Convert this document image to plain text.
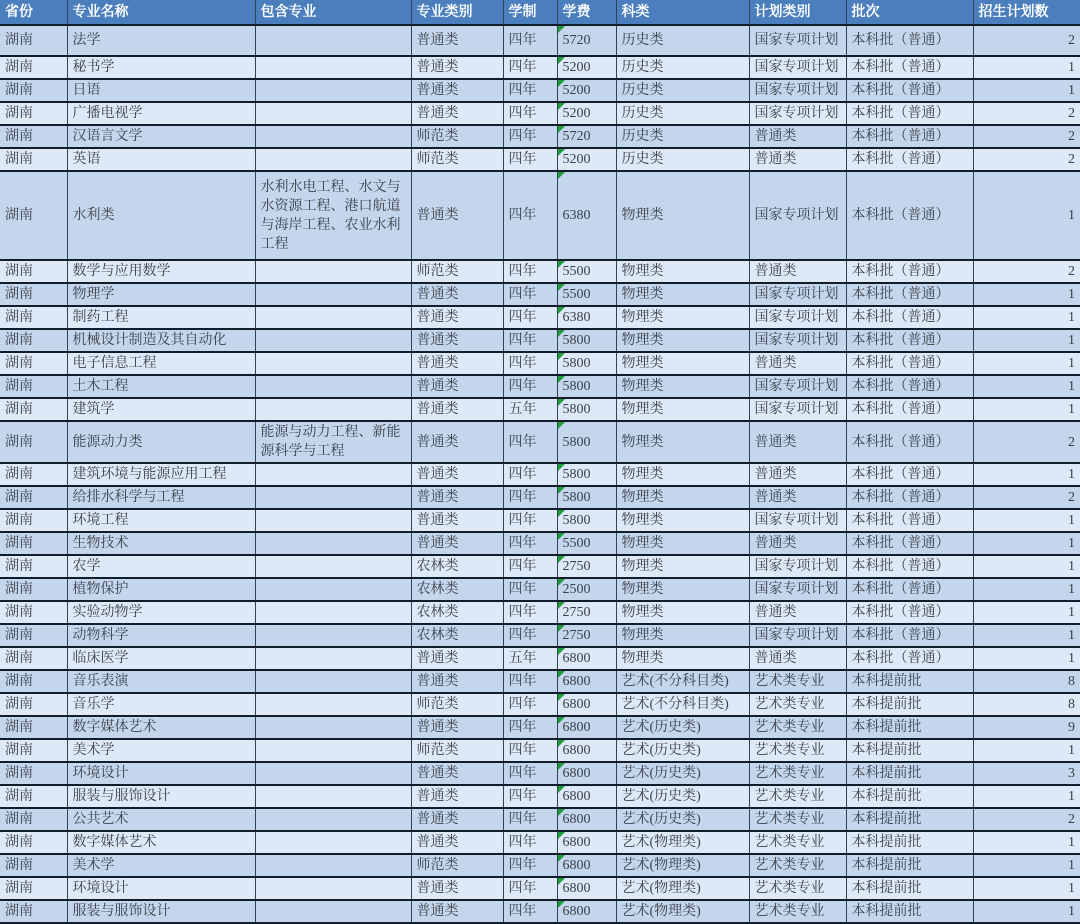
省份	专业名称	包含专业	专业类别	学制	学费	科类	计划类别	批次	招生计划数
湖南	法学		普通类	四年	5720	历史类	国家专项计划	本科批（普通）	2
湖南	秘书学		普通类	四年	5200	历史类	国家专项计划	本科批（普通）	1
湖南	日语		普通类	四年	5200	历史类	国家专项计划	本科批（普通）	1
湖南	广播电视学		普通类	四年	5200	历史类	国家专项计划	本科批（普通）	2
湖南	汉语言文学		师范类	四年	5720	历史类	普通类	本科批（普通）	2
湖南	英语		师范类	四年	5200	历史类	普通类	本科批（普通）	2
湖南	水利类	水利水电工程、水文与水资源工程、港口航道与海岸工程、农业水利工程	普通类	四年	6380	物理类	国家专项计划	本科批（普通）	1
湖南	数学与应用数学		师范类	四年	5500	物理类	普通类	本科批（普通）	2
湖南	物理学		普通类	四年	5500	物理类	国家专项计划	本科批（普通）	1
湖南	制药工程		普通类	四年	6380	物理类	国家专项计划	本科批（普通）	1
湖南	机械设计制造及其自动化		普通类	四年	5800	物理类	国家专项计划	本科批（普通）	1
湖南	电子信息工程		普通类	四年	5800	物理类	普通类	本科批（普通）	1
湖南	土木工程		普通类	四年	5800	物理类	国家专项计划	本科批（普通）	1
湖南	建筑学		普通类	五年	5800	物理类	国家专项计划	本科批（普通）	1
湖南	能源动力类	能源与动力工程、新能源科学与工程	普通类	四年	5800	物理类	普通类	本科批（普通）	2
湖南	建筑环境与能源应用工程		普通类	四年	5800	物理类	普通类	本科批（普通）	1
湖南	给排水科学与工程		普通类	四年	5800	物理类	普通类	本科批（普通）	2
湖南	环境工程		普通类	四年	5800	物理类	国家专项计划	本科批（普通）	1
湖南	生物技术		普通类	四年	5500	物理类	普通类	本科批（普通）	1
湖南	农学		农林类	四年	2750	物理类	国家专项计划	本科批（普通）	1
湖南	植物保护		农林类	四年	2500	物理类	国家专项计划	本科批（普通）	1
湖南	实验动物学		农林类	四年	2750	物理类	普通类	本科批（普通）	1
湖南	动物科学		农林类	四年	2750	物理类	国家专项计划	本科批（普通）	1
湖南	临床医学		普通类	五年	6800	物理类	普通类	本科批（普通）	1
湖南	音乐表演		普通类	四年	6800	艺术(不分科目类)	艺术类专业	本科提前批	8
湖南	音乐学		师范类	四年	6800	艺术(不分科目类)	艺术类专业	本科提前批	8
湖南	数字媒体艺术		普通类	四年	6800	艺术(历史类)	艺术类专业	本科提前批	9
湖南	美术学		师范类	四年	6800	艺术(历史类)	艺术类专业	本科提前批	1
湖南	环境设计		普通类	四年	6800	艺术(历史类)	艺术类专业	本科提前批	3
湖南	服装与服饰设计		普通类	四年	6800	艺术(历史类)	艺术类专业	本科提前批	1
湖南	公共艺术		普通类	四年	6800	艺术(历史类)	艺术类专业	本科提前批	2
湖南	数字媒体艺术		普通类	四年	6800	艺术(物理类)	艺术类专业	本科提前批	1
湖南	美术学		师范类	四年	6800	艺术(物理类)	艺术类专业	本科提前批	1
湖南	环境设计		普通类	四年	6800	艺术(物理类)	艺术类专业	本科提前批	1
湖南	服装与服饰设计		普通类	四年	6800	艺术(物理类)	艺术类专业	本科提前批	1
